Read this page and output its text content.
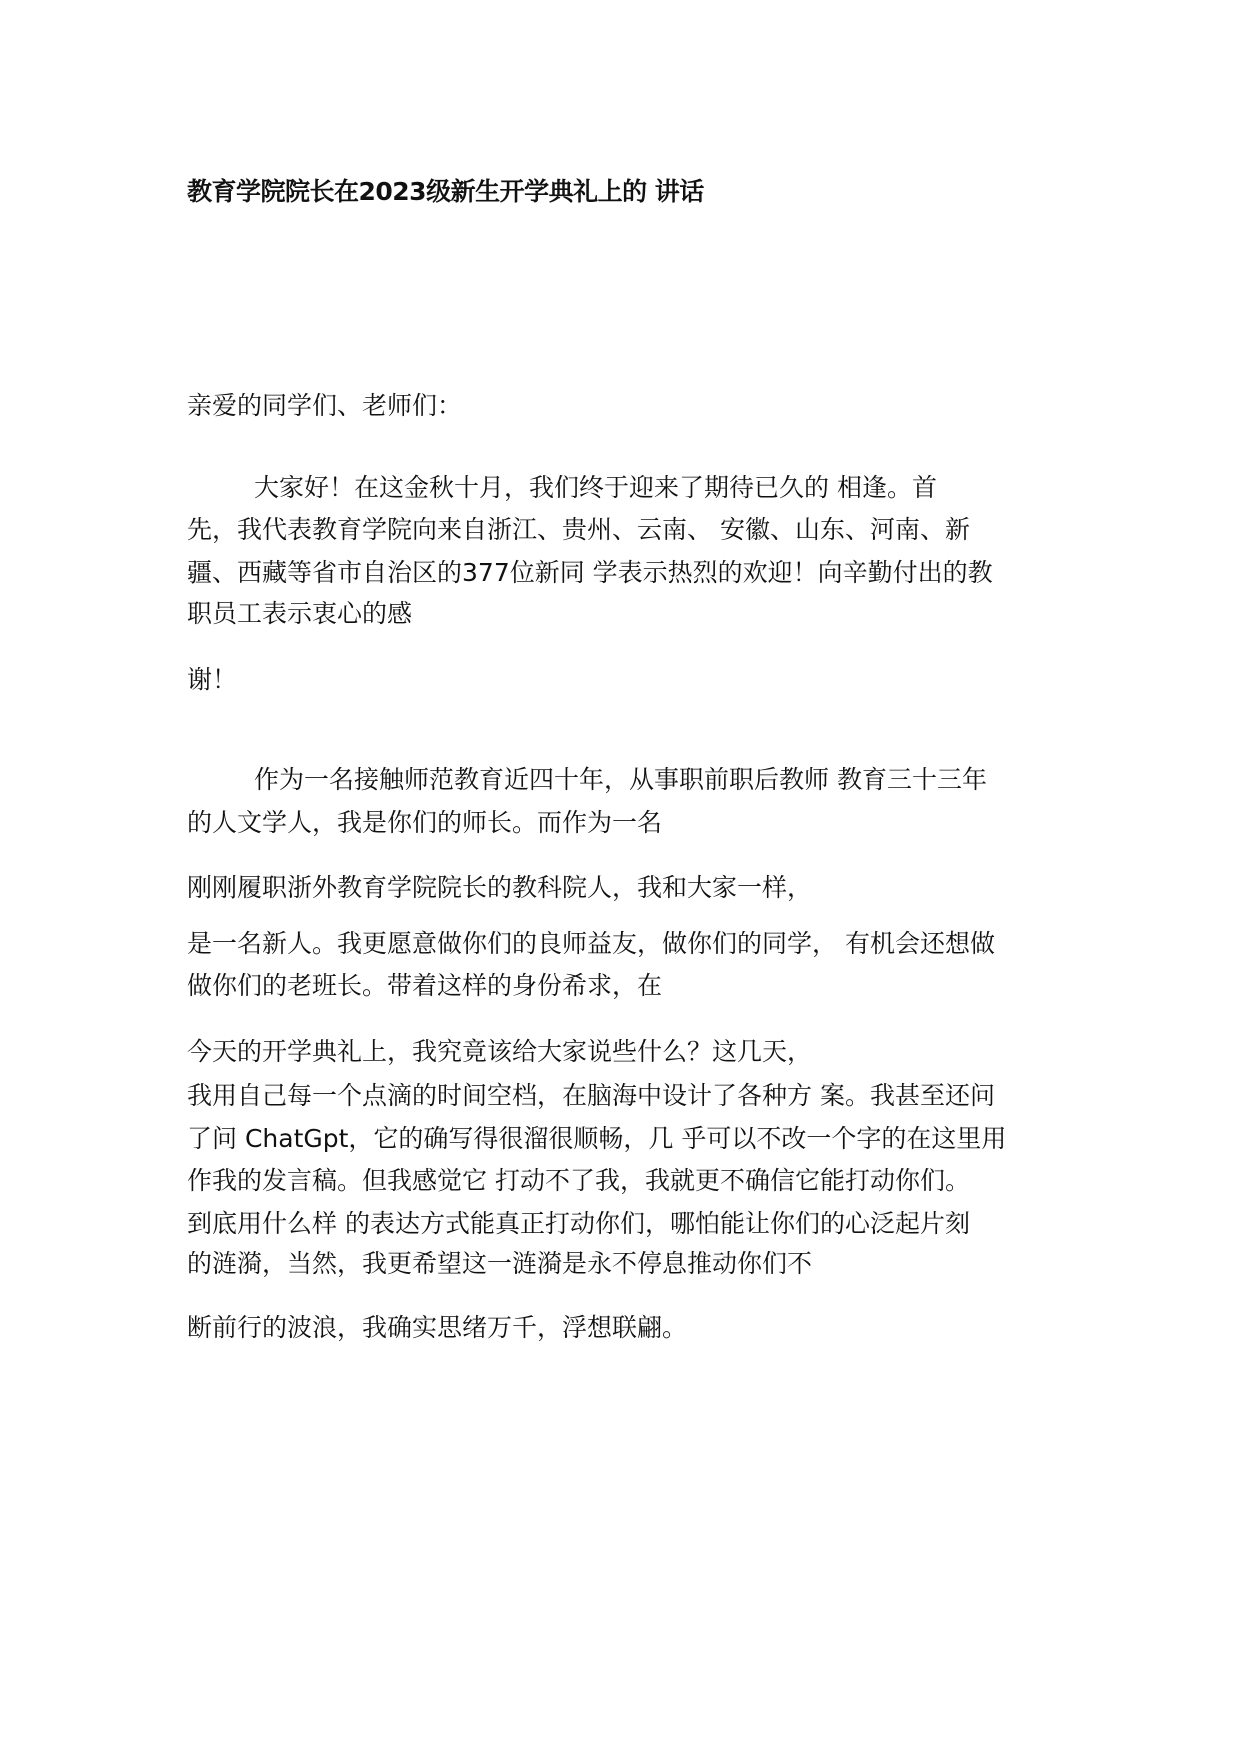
教育学院院长在2023级新生开学典礼上的 讲话
亲爱的同学们、老师们：
大家好！在这金秋十月，我们终于迎来了期待已久的 相逢。首
先，我代表教育学院向来自浙江、贵州、云南、 安徽、山东、河南、新
疆、西藏等省市自治区的377位新同 学表示热烈的欢迎！向辛勤付出的教
职员工表示衷心的感
谢！
作为一名接触师范教育近四十年，从事职前职后教师 教育三十三年
的人文学人，我是你们的师长。而作为一名
刚刚履职浙外教育学院院长的教科院人，我和大家一样，
是一名新人。我更愿意做你们的良师益友，做你们的同学， 有机会还想做
做你们的老班长。带着这样的身份希求，在
今天的开学典礼上，我究竟该给大家说些什么？这几天，
我用自己每一个点滴的时间空档，在脑海中设计了各种方 案。我甚至还问
了问 ChatGpt，它的确写得很溜很顺畅，几 乎可以不改一个字的在这里用
作我的发言稿。但我感觉它 打动不了我，我就更不确信它能打动你们。
到底用什么样 的表达方式能真正打动你们，哪怕能让你们的心泛起片刻
的涟漪，当然，我更希望这一涟漪是永不停息推动你们不
断前行的波浪，我确实思绪万千，浮想联翩。
